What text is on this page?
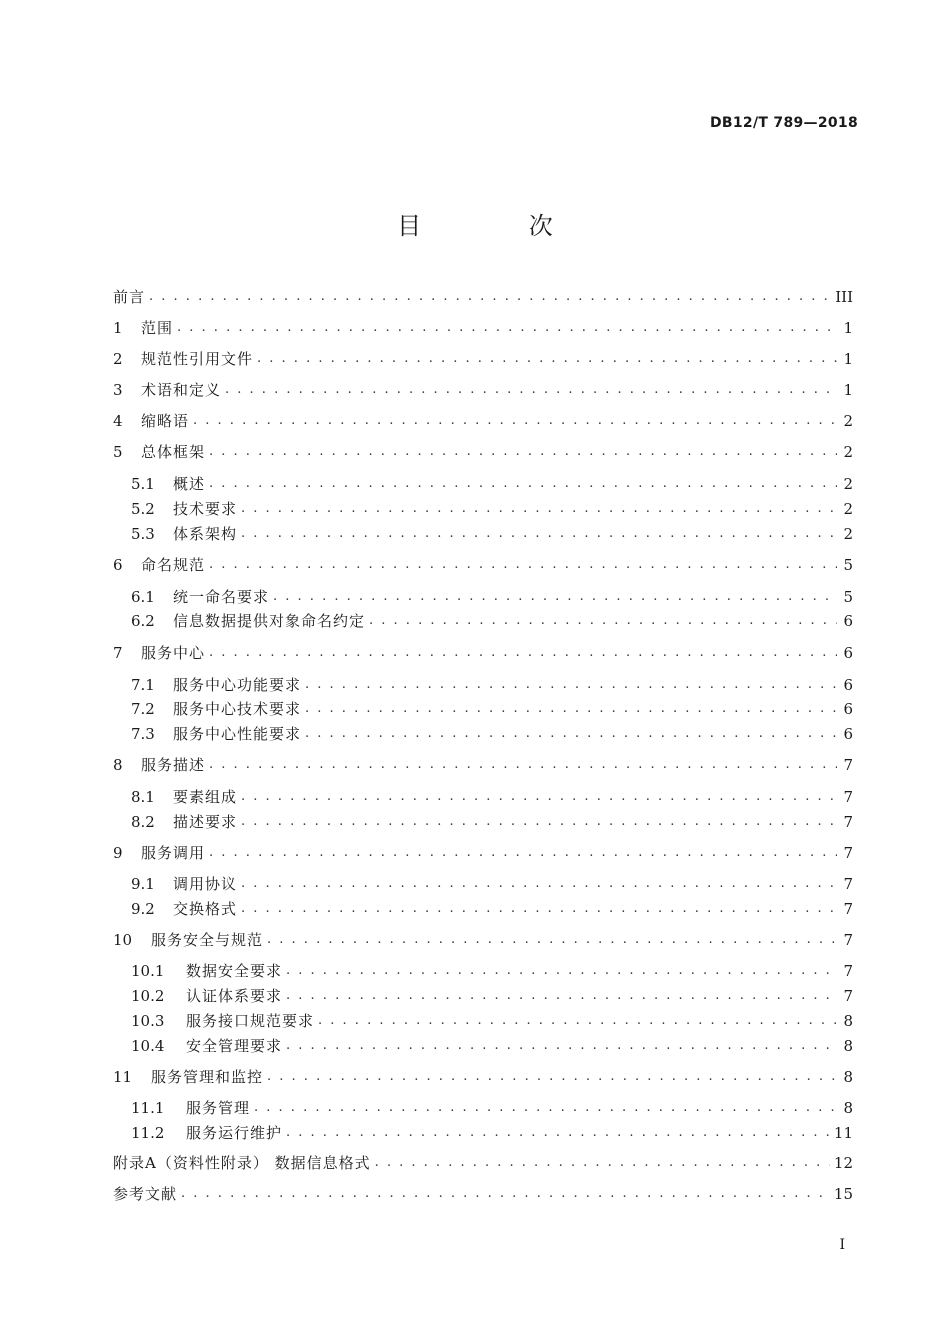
DB12/T 789—2018
目 次
前言 . . .	III
1	范围 . . .	1
2	规范性引用文件 . . .	1
3	术语和定义 . . .	1
4	缩略语 . . .	2
5	总体框架 . . .	2
5.1	概述 . . .	2
5.2	技术要求 . . .	2
5.3	体系架构 . . .	2
6	命名规范 . . .	5
6.1	统一命名要求 . . .	5
6.2	信息数据提供对象命名约定 . . .	6
7	服务中心 . . .	6
7.1	服务中心功能要求 . . .	6
7.2	服务中心技术要求 . . .	6
7.3	服务中心性能要求 . . .	6
8	服务描述 . . .	7
8.1	要素组成 . . .	7
8.2	描述要求 . . .	7
9	服务调用 . . .	7
9.1	调用协议 . . .	7
9.2	交换格式 . . .	7
10	服务安全与规范 . . .	7
10.1	数据安全要求 . . .	7
10.2	认证体系要求 . . .	7
10.3	服务接口规范要求 . . .	8
10.4	安全管理要求 . . .	8
11	服务管理和监控 . . .	8
11.1	服务管理 . . .	8
11.2	服务运行维护 . . .	11
附录A（资料性附录） 数据信息格式 . . .	12
参考文献 . . .	15
I
